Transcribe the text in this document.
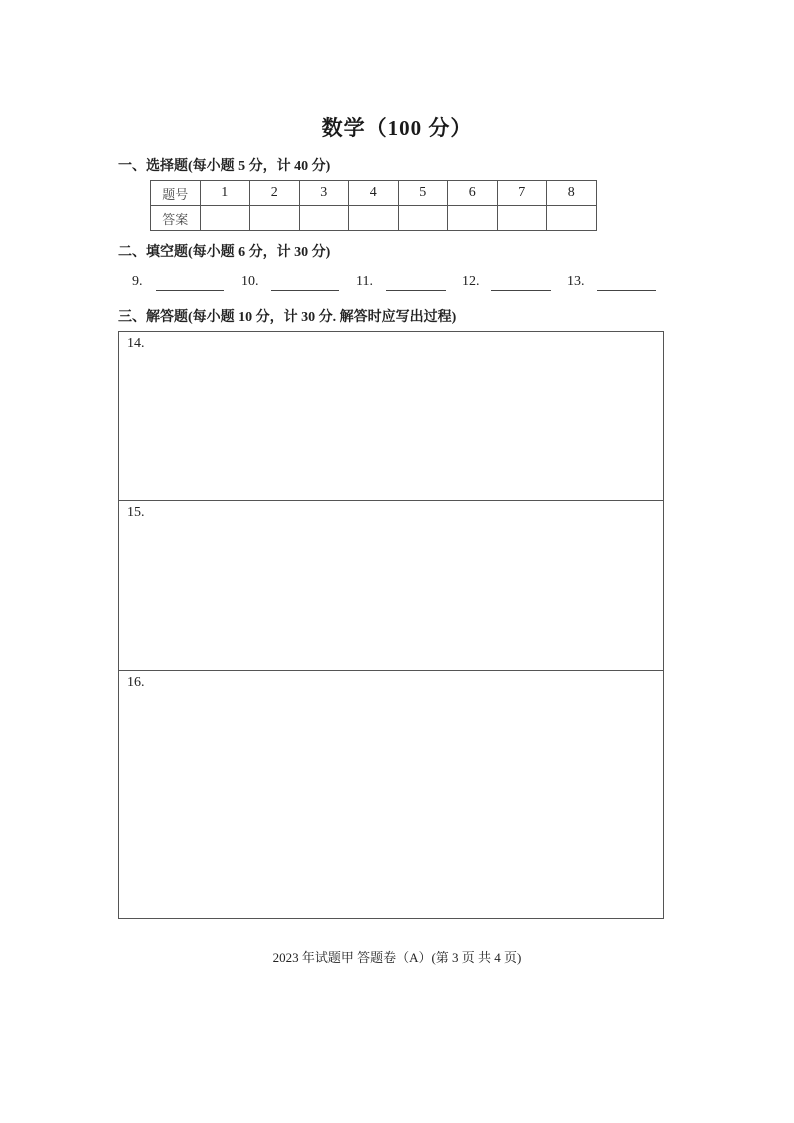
数学（100 分）
一、选择题(每小题 5 分，计 40 分)
题号	1	2	3	4	5	6	7	8
答案								
二、填空题(每小题 6 分，计 30 分)
9.	10.	11.	12.	13.
三、解答题(每小题 10 分，计 30 分. 解答时应写出过程)
14.
15.
16.
2023 年试题甲 答题卷（A）(第 3 页 共 4 页)
